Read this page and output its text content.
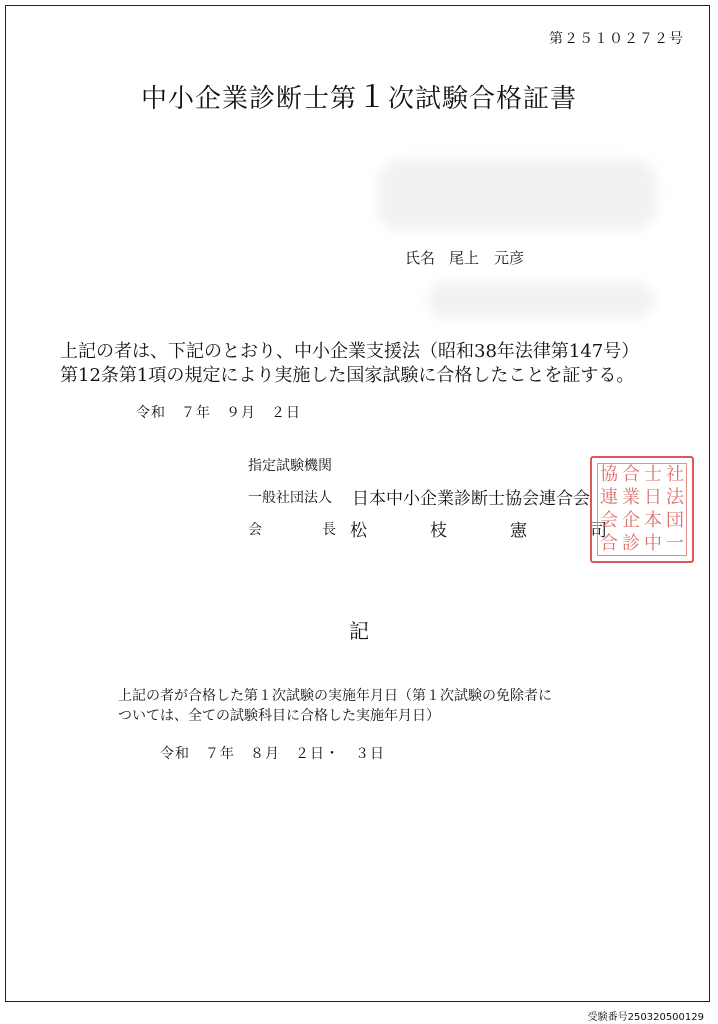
第２５１０２７２号
中小企業診断士第１次試験合格証書
氏名 尾上　元彦
上記の者は、下記のとおり、中小企業支援法（昭和38年法律第147号）
第12条第1項の規定により実施した国家試験に合格したことを証する。
令和　７年　９月　２日
指定試験機関
一般社団法人 日本中小企業診断士協会連合会
会	長 松	枝	憲	司
協 合 士 社
連 業 日 法
会 企 本 団
合 診 中 一
記
上記の者が合格した第１次試験の実施年月日（第１次試験の免除者に
ついては、全ての試験科目に合格した実施年月日）
令和　７年　８月　２日・　３日
受験番号250320500129
